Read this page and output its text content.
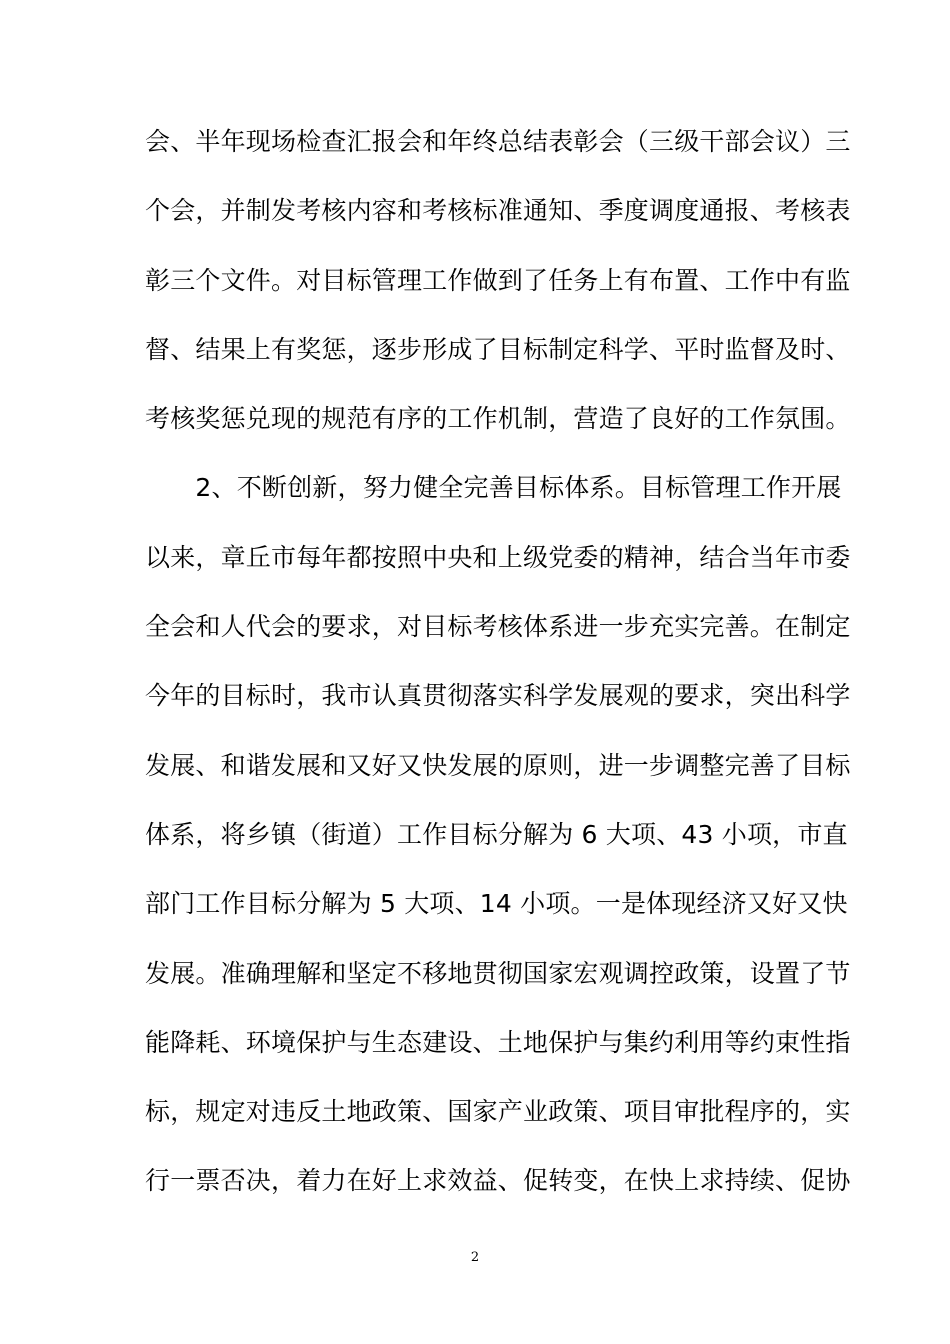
会、半年现场检查汇报会和年终总结表彰会（三级干部会议）三
个会，并制发考核内容和考核标准通知、季度调度通报、考核表
彰三个文件。对目标管理工作做到了任务上有布置、工作中有监
督、结果上有奖惩，逐步形成了目标制定科学、平时监督及时、
考核奖惩兑现的规范有序的工作机制，营造了良好的工作氛围。
　　2、不断创新，努力健全完善目标体系。目标管理工作开展
以来，章丘市每年都按照中央和上级党委的精神，结合当年市委
全会和人代会的要求，对目标考核体系进一步充实完善。在制定
今年的目标时，我市认真贯彻落实科学发展观的要求，突出科学
发展、和谐发展和又好又快发展的原则，进一步调整完善了目标
体系，将乡镇（街道）工作目标分解为 6 大项、43 小项，市直
部门工作目标分解为 5 大项、14 小项。一是体现经济又好又快
发展。准确理解和坚定不移地贯彻国家宏观调控政策，设置了节
能降耗、环境保护与生态建设、土地保护与集约利用等约束性指
标，规定对违反土地政策、国家产业政策、项目审批程序的，实
行一票否决，着力在好上求效益、促转变，在快上求持续、促协
2
